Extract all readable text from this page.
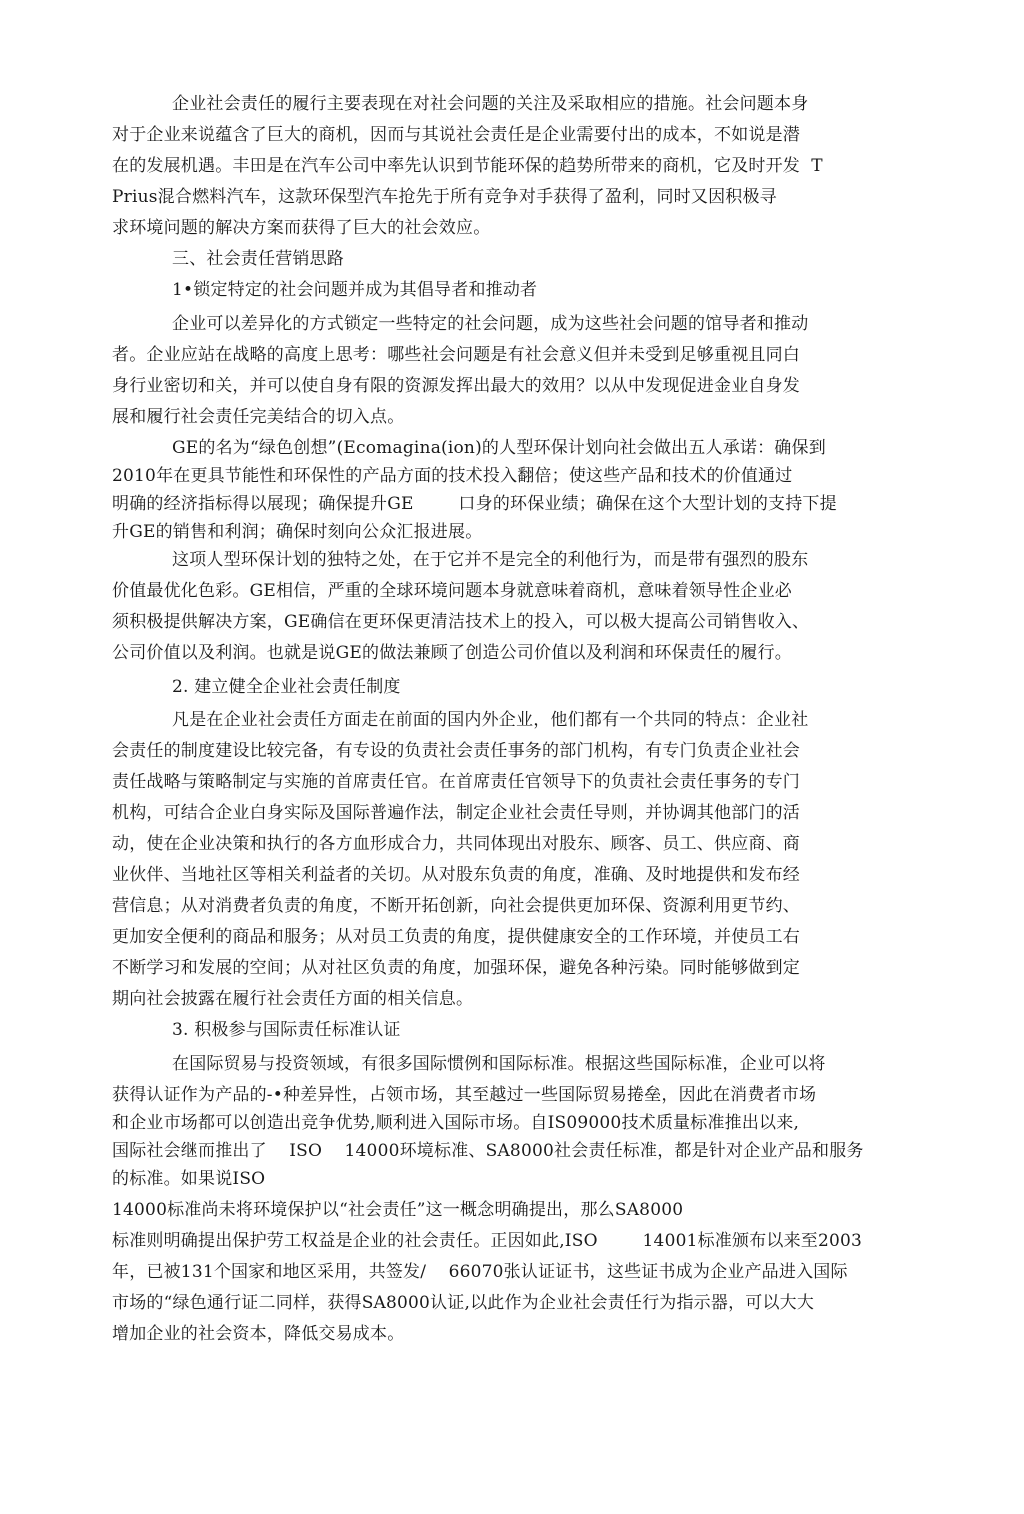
企业社会责任的履行主要表现在对社会问题的关注及采取相应的措施。社会问题本身
对于企业来说蕴含了巨大的商机，因而与其说社会责任是企业需要付出的成本，不如说是潜
在的发展机遇。丰田是在汽车公司中率先认识到节能环保的趋势所带来的商机，它及时开发  T
Prius混合燃料汽车，这款环保型汽车抢先于所有竞争对手获得了盈利，同时又因积极寻
求环境问题的解决方案而获得了巨大的社会效应。
三、社会责任营销思路
1•锁定特定的社会问题并成为其倡导者和推动者
企业可以差异化的方式锁定一些特定的社会问题，成为这些社会问题的馆导者和推动
者。企业应站在战略的高度上思考：哪些社会问题是有社会意义但并未受到足够重视且同白
身行业密切和关，并可以使自身有限的资源发挥出最大的效用？以从中发现促进金业自身发
展和履行社会责任完美结合的切入点。
GE的名为“绿色创想”(Ecomagina(ion)的人型环保计划向社会做出五人承诺：确保到
2010年在更具节能性和环保性的产品方面的技术投入翻倍；使这些产品和技术的价值通过
明确的经济指标得以展现；确保提升GE        口身的环保业绩；确保在这个大型计划的支持下提
升GE的销售和利润；确保时刻向公众汇报进展。
这项人型环保计划的独特之处，在于它并不是完全的利他行为，而是带有强烈的股东
价值最优化色彩。GE相信，严重的全球环境问题本身就意味着商机，意味着领导性企业必
须积极提供解决方案，GE确信在更环保更清洁技术上的投入，可以极大提高公司销售收入、
公司价值以及利润。也就是说GE的做法兼顾了创造公司价值以及利润和环保责任的履行。
2. 建立健全企业社会责任制度
凡是在企业社会责任方面走在前面的国内外企业，他们都有一个共同的特点：企业社
会责任的制度建设比较完备，有专设的负责社会责任事务的部门机构，有专门负责企业社会
责任战略与策略制定与实施的首席责任官。在首席责任官领导下的负责社会责任事务的专门
机构，可结合企业白身实际及国际普遍作法，制定企业社会责任导则，并协调其他部门的活
动，使在企业决策和执行的各方血形成合力，共同体现出对股东、顾客、员工、供应商、商
业伙伴、当地社区等相关利益者的关切。从对股东负责的角度，准确、及时地提供和发布经
营信息；从对消费者负责的角度，不断开拓创新，向社会提供更加环保、资源利用更节约、
更加安全便利的商品和服务；从对员工负责的角度，提供健康安全的工作环境，并使员工右
不断学习和发展的空间；从对社区负责的角度，加强环保，避免各种污染。同时能够做到定
期向社会披露在履行社会责任方面的相关信息。
3. 积极参与国际责任标准认证
在国际贸易与投资领域，有很多国际惯例和国际标准。根据这些国际标准，企业可以将
获得认证作为产品的-•种差异性，占领市场，其至越过一些国际贸易捲垒，因此在消费者市场
和企业市场都可以创造出竞争优势,顺利进入国际市场。自IS09000技术质量标准推出以来,
国际社会继而推出了    ISO    14000环境标准、SA8000社会责任标准，都是针对企业产品和服务
的标准。如果说ISO
14000标准尚未将环境保护以“社会责任”这一概念明确提出，那么SA8000
标准则明确提出保护劳工权益是企业的社会责任。正因如此,ISO        14001标准颁布以来至2003
年，已被131个国家和地区采用，共签发/    66070张认证证书，这些证书成为企业产品进入国际
市场的“绿色通行证二同样，获得SA8000认证,以此作为企业社会责任行为指示器，可以大大
增加企业的社会资本，降低交易成本。
